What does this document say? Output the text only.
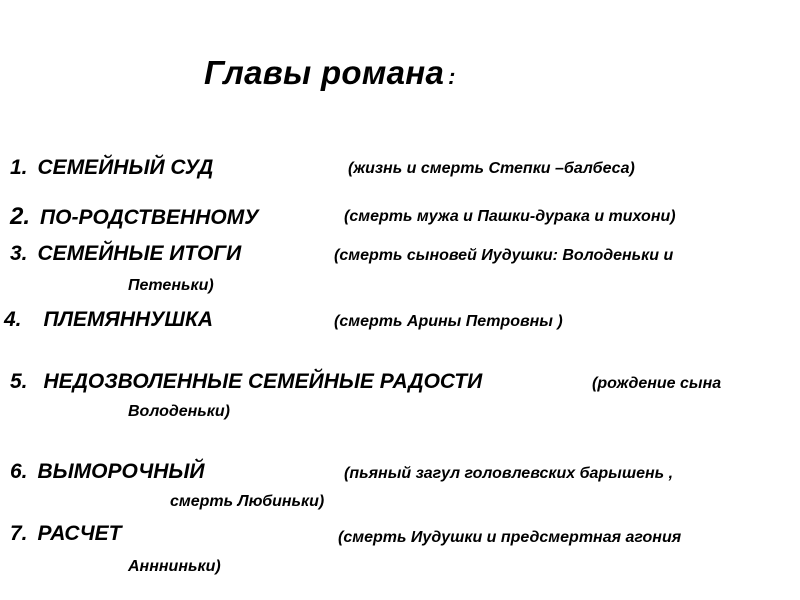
Главы романа :
1. СЕМЕЙНЫЙ СУД	(жизнь и смерть Степки –балбеса)
2. ПО-РОДСТВЕННОМУ	(смерть мужа и Пашки-дурака и тихони)
3. СЕМЕЙНЫЕ ИТОГИ	(смерть сыновей Иудушки: Володеньки и
Петеньки)
4. ПЛЕМЯННУШКА	(смерть Арины Петровны )
5. НЕДОЗВОЛЕННЫЕ СЕМЕЙНЫЕ РАДОСТИ	(рождение сына
Володеньки)
6. ВЫМОРОЧНЫЙ	(пьяный загул головлевских барышень ,
смерть Любиньки)
7. РАСЧЕТ	(смерть Иудушки и предсмертная агония
Аннниньки)
